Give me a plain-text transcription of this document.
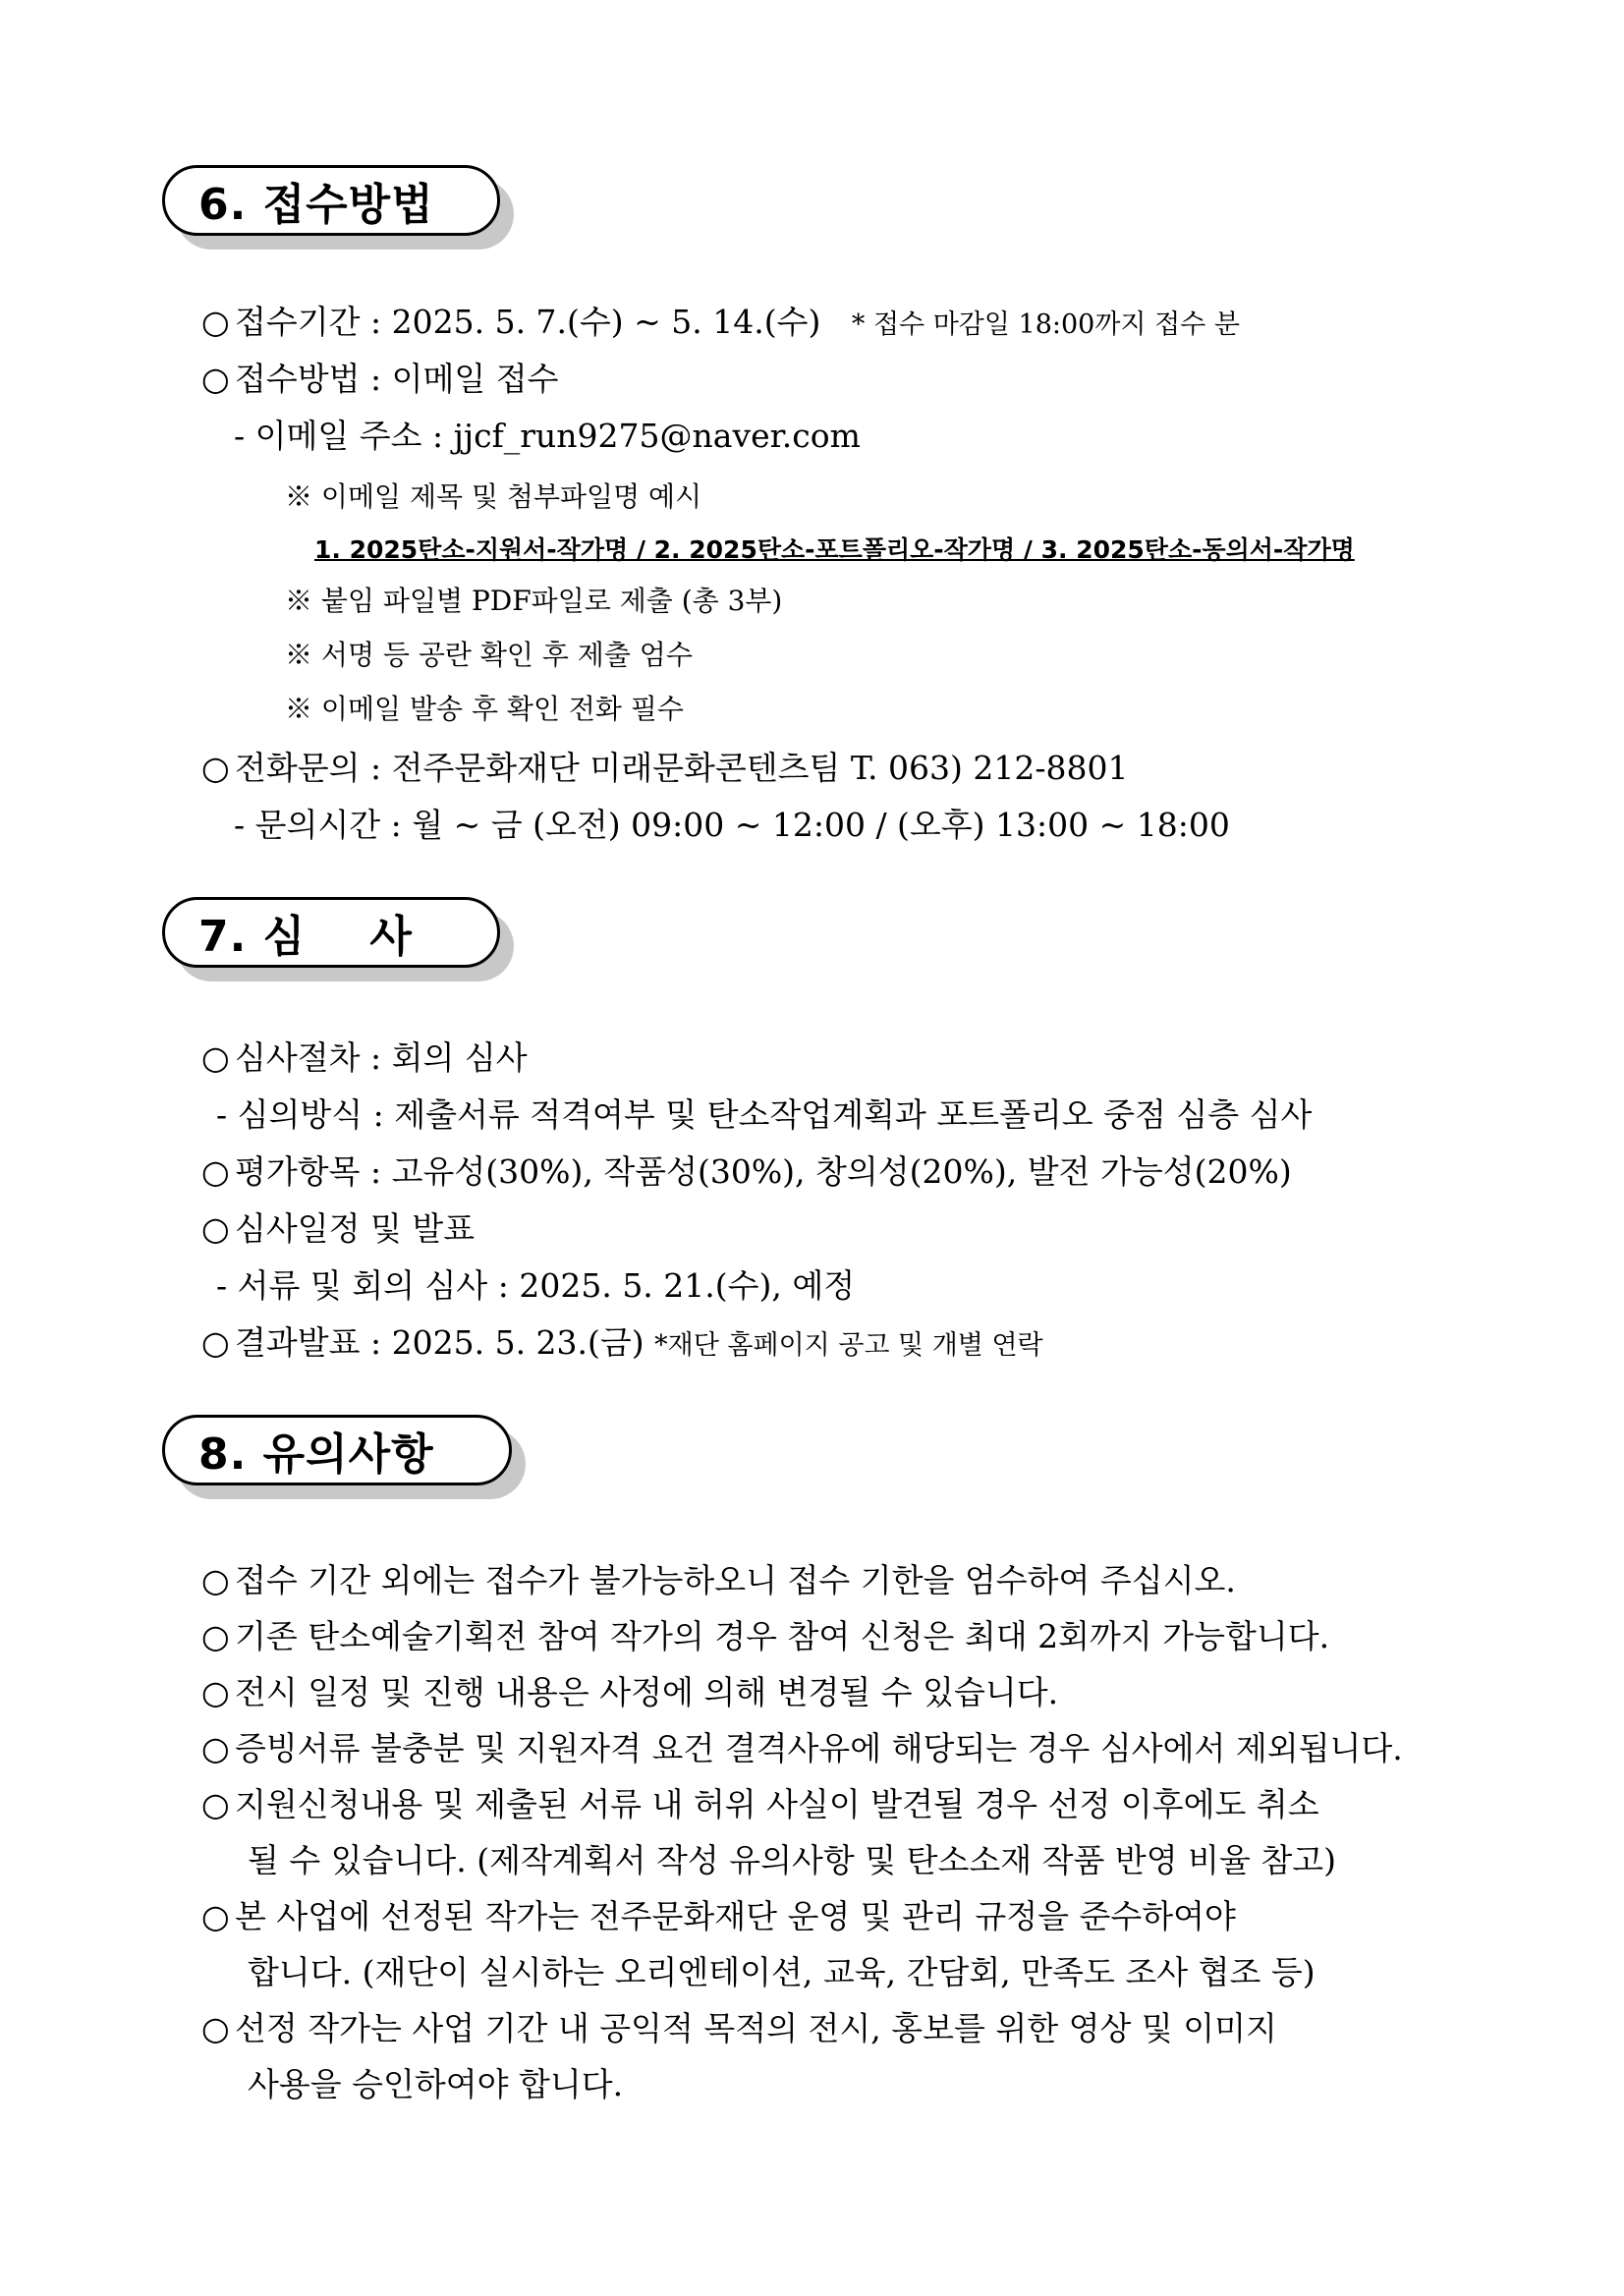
6. 접수방법
○ 접수기간 : 2025. 5. 7.(수) ~ 5. 14.(수) * 접수 마감일 18:00까지 접수 분
○ 접수방법 : 이메일 접수
- 이메일 주소 : jjcf_run9275@naver.com
※ 이메일 제목 및 첨부파일명 예시
1. 2025탄소-지원서-작가명 / 2. 2025탄소-포트폴리오-작가명 / 3. 2025탄소-동의서-작가명
※ 붙임 파일별 PDF파일로 제출 (총 3부)
※ 서명 등 공란 확인 후 제출 엄수
※ 이메일 발송 후 확인 전화 필수
○ 전화문의 : 전주문화재단 미래문화콘텐츠팀 T. 063) 212-8801
- 문의시간 : 월 ~ 금 (오전) 09:00 ~ 12:00 / (오후) 13:00 ~ 18:00
7. 심    사
○ 심사절차 : 회의 심사
- 심의방식 : 제출서류 적격여부 및 탄소작업계획과 포트폴리오 중점 심층 심사
○ 평가항목 : 고유성(30%), 작품성(30%), 창의성(20%), 발전 가능성(20%)
○ 심사일정 및 발표
- 서류 및 회의 심사 : 2025. 5. 21.(수), 예정
○ 결과발표 : 2025. 5. 23.(금) *재단 홈페이지 공고 및 개별 연락
8. 유의사항
○ 접수 기간 외에는 접수가 불가능하오니 접수 기한을 엄수하여 주십시오.
○ 기존 탄소예술기획전 참여 작가의 경우 참여 신청은 최대 2회까지 가능합니다.
○ 전시 일정 및 진행 내용은 사정에 의해 변경될 수 있습니다.
○ 증빙서류 불충분 및 지원자격 요건 결격사유에 해당되는 경우 심사에서 제외됩니다.
○ 지원신청내용 및 제출된 서류 내 허위 사실이 발견될 경우 선정 이후에도 취소
될 수 있습니다. (제작계획서 작성 유의사항 및 탄소소재 작품 반영 비율 참고)
○ 본 사업에 선정된 작가는 전주문화재단 운영 및 관리 규정을 준수하여야
합니다. (재단이 실시하는 오리엔테이션, 교육, 간담회, 만족도 조사 협조 등)
○ 선정 작가는 사업 기간 내 공익적 목적의 전시, 홍보를 위한 영상 및 이미지
사용을 승인하여야 합니다.
